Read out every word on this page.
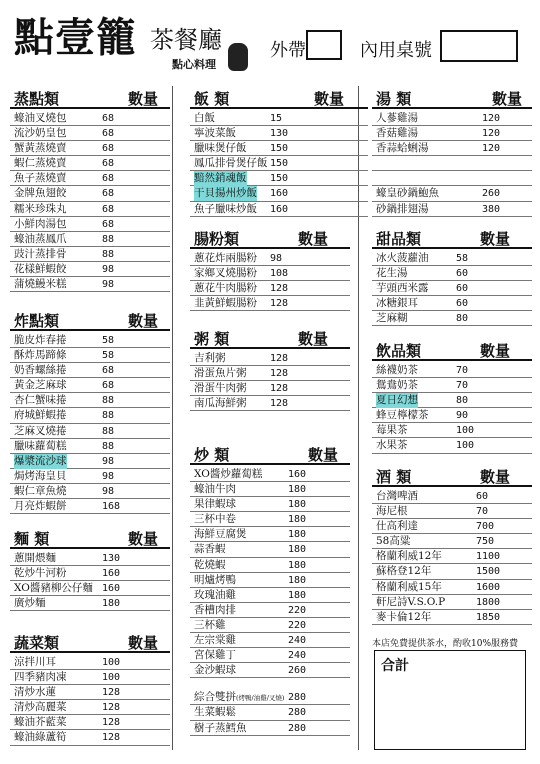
點壹籠 茶餐廳
點心料理
外帶	內用桌號
蒸點類	數量
蠔油叉燒包	68
流沙奶皇包	68
蟹黃蒸燒賣	68
蝦仁蒸燒賣	68
魚子蒸燒賣	68
金牌魚翅餃	68
糯米珍珠丸	68
小鮮肉湯包	68
蠔油蒸鳳爪	88
豉汁蒸排骨	88
花樣鮮蝦餃	98
蒲燒鰻米糕	98
炸點類	數量
脆皮炸春捲	58
酥炸馬蹄條	58
奶香螺絲捲	68
黃金芝麻球	68
杏仁蟹味捲	88
府城鮮蝦捲	88
芝麻叉燒捲	88
臘味蘿蔔糕	88
爆漿流沙球	98
焗烤海皇貝	98
蝦仁章魚燒	98
月亮炸蝦餅	168
麵 類	數量
蔥開煨麵	130
乾炒牛河粉	160
XO醬豬柳公仔麵 160
廣炒麵	180
蔬菜類	數量
涼拌川耳	100
四季豬肉凍	100
清炒水蓮	128
清炒高麗菜	128
蠔油芥藍菜	128
蠔油綠蘆筍	128
飯 類	數量
白飯	15
寧波菜飯	130
臘味煲仔飯 150
鳳瓜排骨煲仔飯 150
黯然銷魂飯 150
干貝揚州炒飯 160
魚子臘味炒飯 160
腸粉類	數量
蔥花炸兩腸粉 98
家鄉叉燒腸粉 108
蔥花牛肉腸粉 128
韭黃鮮蝦腸粉 128
粥 類	數量
吉利粥	128
滑蛋魚片粥 128
滑蛋牛肉粥 128
南瓜海鮮粥 128
炒 類	數量
XO醬炒蘿蔔糕	160
蠔油牛肉	180
果律蝦球	180
三杯中卷	180
海鮮豆腐煲	180
蒜香蝦	180
乾燒蝦	180
明爐烤鴨	180
玫瑰油雞	180
香槽肉排	220
三杯雞	220
左宗棠雞	240
宮保雞丁	240
金沙蝦球	260
綜合雙拼(烤鴨/油雞/叉燒) 280
生菜蝦鬆	280
樹子蒸鱈魚	280
湯 類	數量
人蔘雞湯	120
香菇雞湯	120
香蒜蛤蜊湯	120
蠔皇砂鍋鮑魚	260
砂鍋排翅湯	380
甜品類	數量
冰火菠蘿油	58
花生湯	60
芋頭西米露	60
冰糖銀耳	60
芝麻糊	80
飲品類	數量
絲襪奶茶	70
鴛鴦奶茶	70
夏日幻想	80
蜂豆檸檬茶	90
莓果茶	100
水果茶	100
酒 類	數量
台灣啤酒	60
海尼根	70
仕高利達	700
58高粱	750
格蘭利威12年	1100
蘇格登12年	1500
格蘭利威15年	1600
軒尼詩V.S.O.P	1800
麥卡倫12年	1850
本店免費提供茶水，酌收10%服務費
合計
